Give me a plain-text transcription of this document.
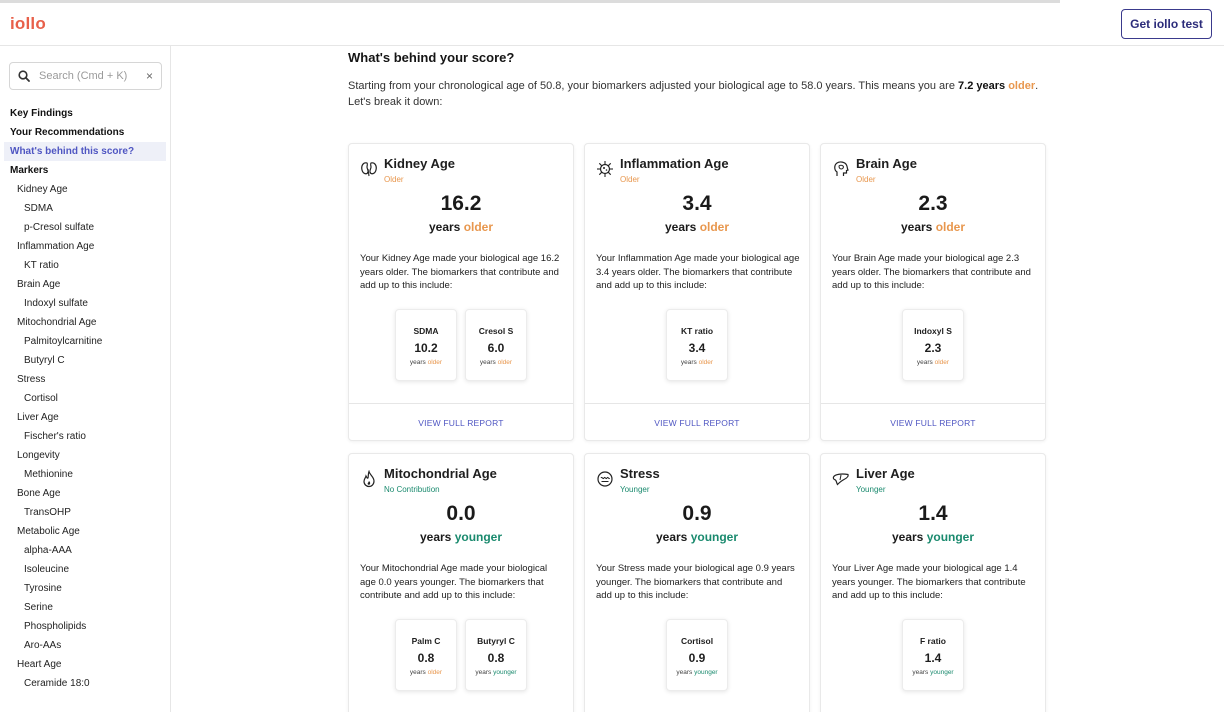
iollo	Get iollo test
Search (Cmd + K)
×
Key Findings
Your Recommendations
What's behind this score?
Markers
Kidney Age
SDMA
p-Cresol sulfate
Inflammation Age
KT ratio
Brain Age
Indoxyl sulfate
Mitochondrial Age
Palmitoylcarnitine
Butyryl C
Stress
Cortisol
Liver Age
Fischer's ratio
Longevity
Methionine
Bone Age
TransOHP
Metabolic Age
alpha-AAA
Isoleucine
Tyrosine
Serine
Phospholipids
Aro-AAs
Heart Age
Ceramide 18:0
What's behind your score?
Starting from your chronological age of 50.8, your biomarkers adjusted your biological age to 58.0 years. This means you are 7.2 years older. Let's break it down:
Kidney Age
Older
16.2
years older
Your Kidney Age made your biological age 16.2 years older. The biomarkers that contribute and add up to this include:
SDMA
10.2
years older
Cresol S
6.0
years older
VIEW FULL REPORT
Inflammation Age
Older
3.4
years older
Your Inflammation Age made your biological age 3.4 years older. The biomarkers that contribute and add up to this include:
KT ratio
3.4
years older
VIEW FULL REPORT
Brain Age
Older
2.3
years older
Your Brain Age made your biological age 2.3 years older. The biomarkers that contribute and add up to this include:
Indoxyl S
2.3
years older
VIEW FULL REPORT
Mitochondrial Age
No Contribution
0.0
years younger
Your Mitochondrial Age made your biological age 0.0 years younger. The biomarkers that contribute and add up to this include:
Palm C
0.8
years older
Butyryl C
0.8
years younger
Stress
Younger
0.9
years younger
Your Stress made your biological age 0.9 years younger. The biomarkers that contribute and add up to this include:
Cortisol
0.9
years younger
Liver Age
Younger
1.4
years younger
Your Liver Age made your biological age 1.4 years younger. The biomarkers that contribute and add up to this include:
F ratio
1.4
years younger
